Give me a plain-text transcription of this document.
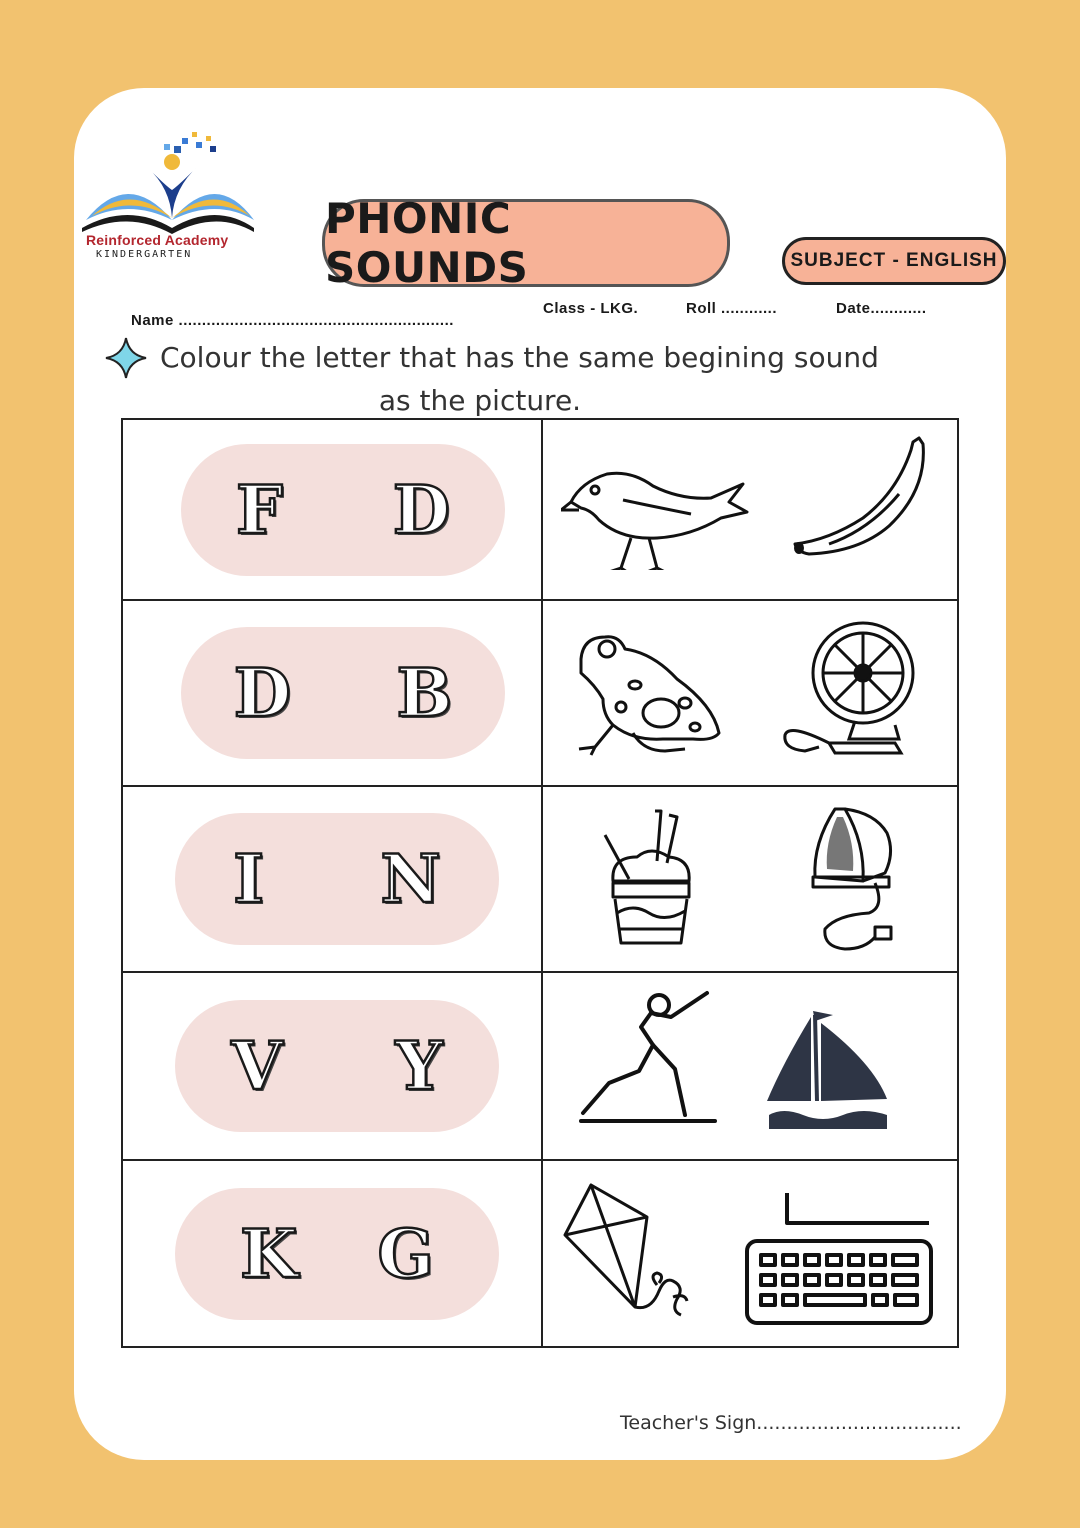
Reinforced Academy
KINDERGARTEN
PHONIC SOUNDS	SUBJECT - ENGLISH
Name ...........................................................
Class - LKG.	Roll ............	Date............
Colour the letter that has the same begining sound

as the picture.
F D

D B

I N

V Y

K G

Teacher's Sign..................................
